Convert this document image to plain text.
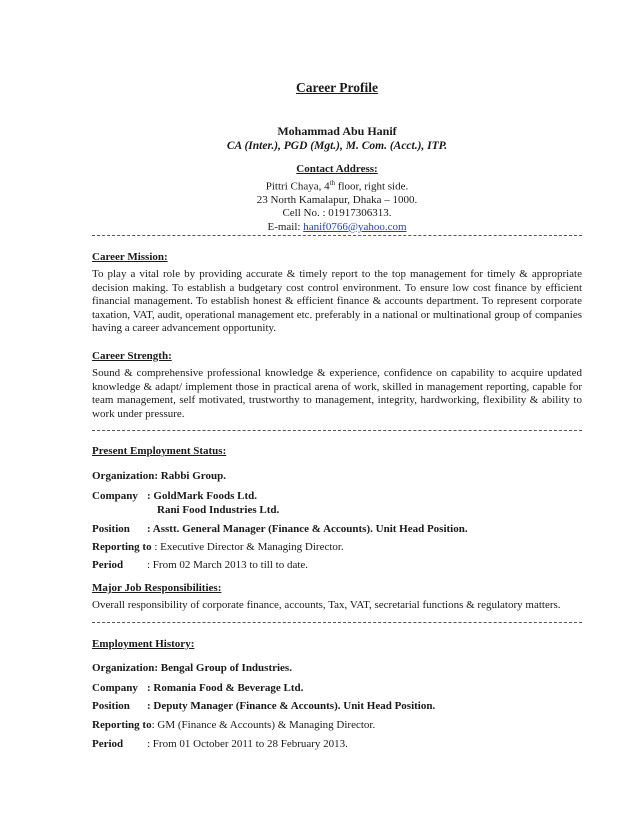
Career Profile
Mohammad Abu Hanif
CA (Inter.), PGD (Mgt.), M. Com. (Acct.), ITP.
Contact Address:
Pittri Chaya, 4th floor, right side.
23 North Kamalapur, Dhaka – 1000.
Cell No. : 01917306313.
E-mail: hanif0766@yahoo.com
Career Mission:
To play a vital role by providing accurate & timely report to the top management for timely & appropriate decision making. To establish a budgetary cost control environment. To ensure low cost finance by efficient financial management. To establish honest & efficient finance & accounts department. To represent corporate taxation, VAT, audit, operational management etc. preferably in a national or multinational group of companies having a career advancement opportunity.
Career Strength:
Sound & comprehensive professional knowledge & experience, confidence on capability to acquire updated knowledge & adapt/ implement those in practical arena of work, skilled in management reporting, capable for team management, self motivated, trustworthy to management, integrity, hardworking, flexibility & ability to work under pressure.
Present Employment Status:
Organization: Rabbi Group.
Company : GoldMark Foods Ltd.
Rani Food Industries Ltd.
Position : Asstt. General Manager (Finance & Accounts). Unit Head Position.
Reporting to : Executive Director & Managing Director.
Period : From 02 March 2013 to till to date.
Major Job Responsibilities:
Overall responsibility of corporate finance, accounts, Tax, VAT, secretarial functions & regulatory matters.
Employment History:
Organization: Bengal Group of Industries.
Company : Romania Food & Beverage Ltd.
Position : Deputy Manager (Finance & Accounts). Unit Head Position.
Reporting to: GM (Finance & Accounts) & Managing Director.
Period : From 01 October 2011 to 28 February 2013.
